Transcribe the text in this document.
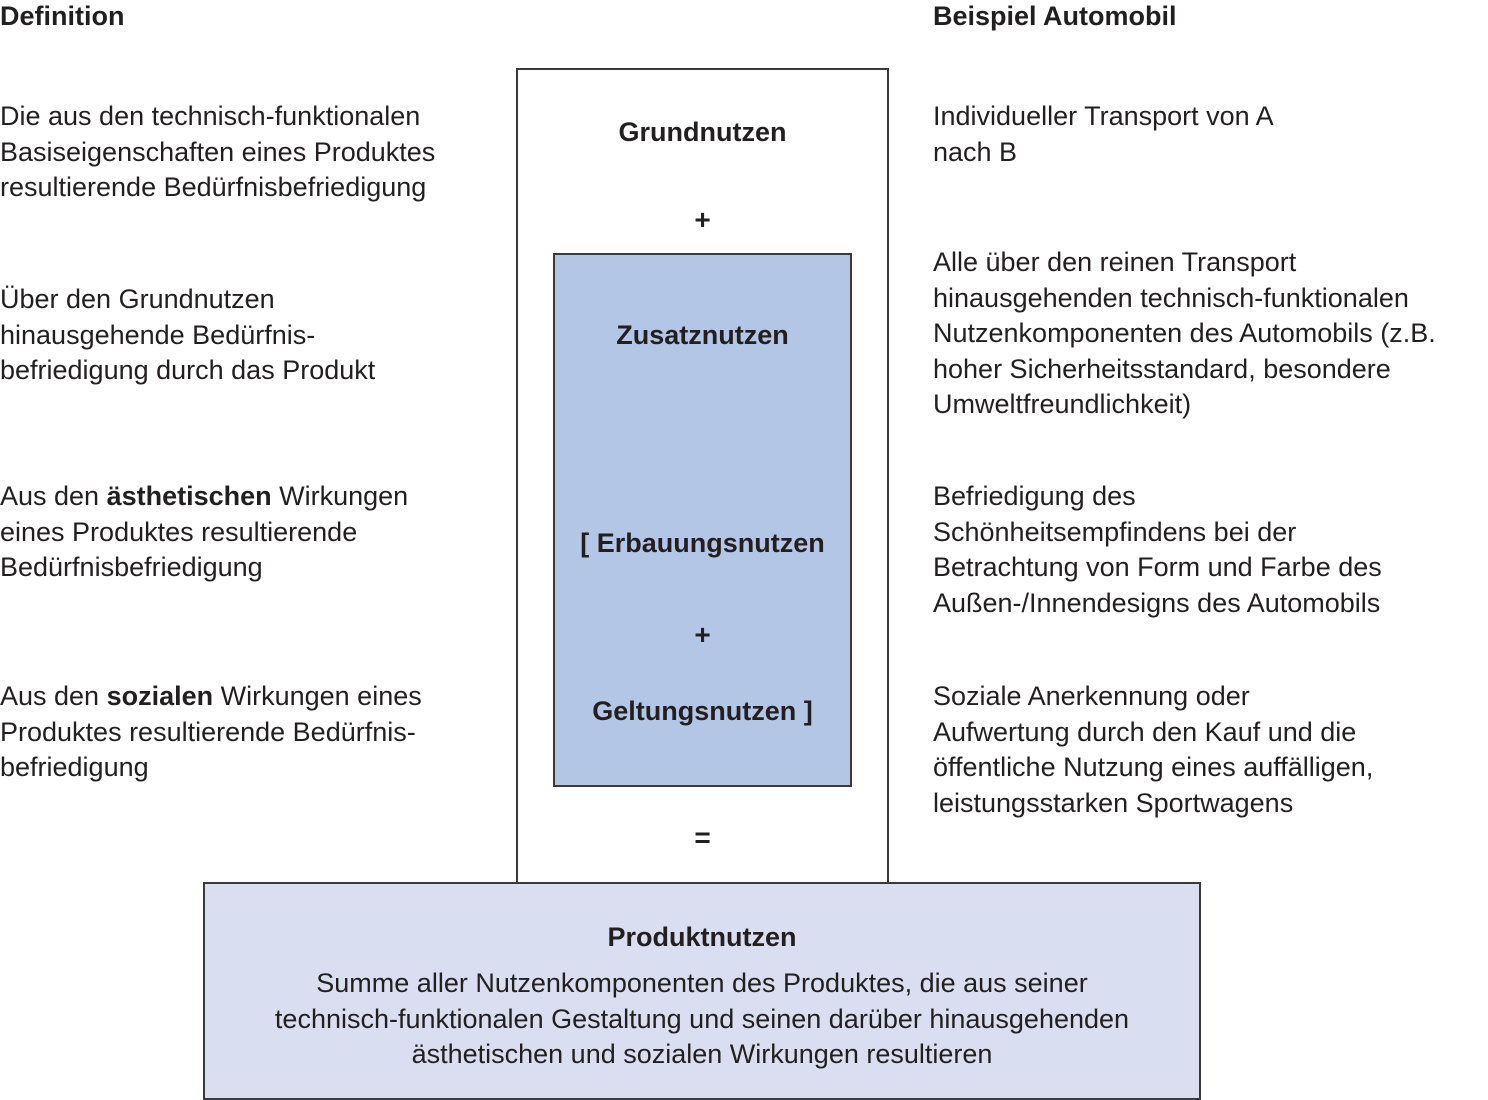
Definition	Beispiel Automobil
Grundnutzen
+
Zusatznutzen
[ Erbauungsnutzen
+
Geltungsnutzen ]
=
Produktnutzen
Summe aller Nutzenkomponenten des Produktes, die aus seiner
technisch-funktionalen Gestaltung und seinen darüber hinausgehenden
ästhetischen und sozialen Wirkungen resultieren
Die aus den technisch-funktionalen
Basiseigenschaften eines Produktes
resultierende Bedürfnisbefriedigung
Über den Grundnutzen
hinausgehende Bedürfnis-
befriedigung durch das Produkt
Aus den ästhetischen Wirkungen
eines Produktes resultierende
Bedürfnisbefriedigung
Aus den sozialen Wirkungen eines
Produktes resultierende Bedürfnis-
befriedigung
Individueller Transport von A
nach B
Alle über den reinen Transport
hinausgehenden technisch-funktionalen
Nutzenkomponenten des Automobils (z.B.
hoher Sicherheitsstandard, besondere
Umweltfreundlichkeit)
Befriedigung des
Schönheitsempfindens bei der
Betrachtung von Form und Farbe des
Außen-/Innendesigns des Automobils
Soziale Anerkennung oder
Aufwertung durch den Kauf und die
öffentliche Nutzung eines auffälligen,
leistungsstarken Sportwagens
